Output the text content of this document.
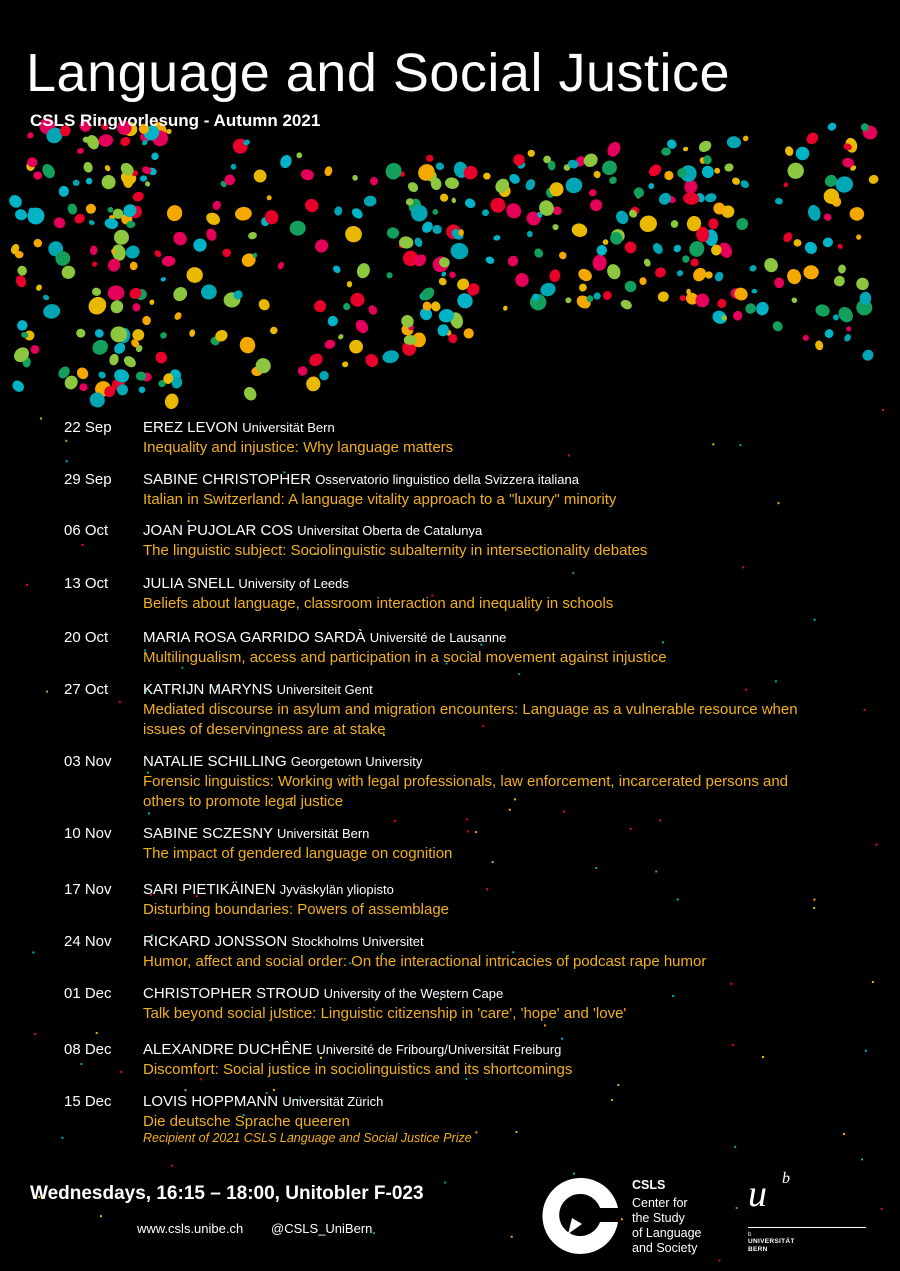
Language and Social Justice
CSLS Ringvorlesung - Autumn 2021
22 Sep EREZ LEVON Universität Bern
Inequality and injustice: Why language matters
29 Sep SABINE CHRISTOPHER Osservatorio linguistico della Svizzera italiana
Italian in Switzerland: A language vitality approach to a "luxury" minority
06 Oct JOAN PUJOLAR COS Universitat Oberta de Catalunya
The linguistic subject: Sociolinguistic subalternity in intersectionality debates
13 Oct JULIA SNELL University of Leeds
Beliefs about language, classroom interaction and inequality in schools
20 Oct MARIA ROSA GARRIDO SARDÀ Université de Lausanne
Multilingualism, access and participation in a social movement against injustice
27 Oct KATRIJN MARYNS Universiteit Gent
Mediated discourse in asylum and migration encounters: Language as a vulnerable resource when issues of deservingness are at stake
03 Nov NATALIE SCHILLING Georgetown University
Forensic linguistics: Working with legal professionals, law enforcement, incarcerated persons and others to promote legal justice
10 Nov SABINE SCZESNY Universität Bern
The impact of gendered language on cognition
17 Nov SARI PIETIKÄINEN Jyväskylän yliopisto
Disturbing boundaries: Powers of assemblage
24 Nov RICKARD JONSSON Stockholms Universitet
Humor, affect and social order: On the interactional intricacies of podcast rape humor
01 Dec CHRISTOPHER STROUD University of the Western Cape
Talk beyond social justice: Linguistic citizenship in 'care', 'hope' and 'love'
08 Dec ALEXANDRE DUCHÊNE Université de Fribourg/Universität Freiburg
Discomfort: Social justice in sociolinguistics and its shortcomings
15 Dec LOVIS HOPPMANN Universität Zürich
Die deutsche Sprache queeren
Recipient of 2021 CSLS Language and Social Justice Prize
Wednesdays, 16:15 – 18:00, Unitobler F-023
www.csls.unibe.ch @CSLS_UniBern
CSLS
Center for
the Study
of Language
and Society
u b
b
UNIVERSITÄT
BERN
